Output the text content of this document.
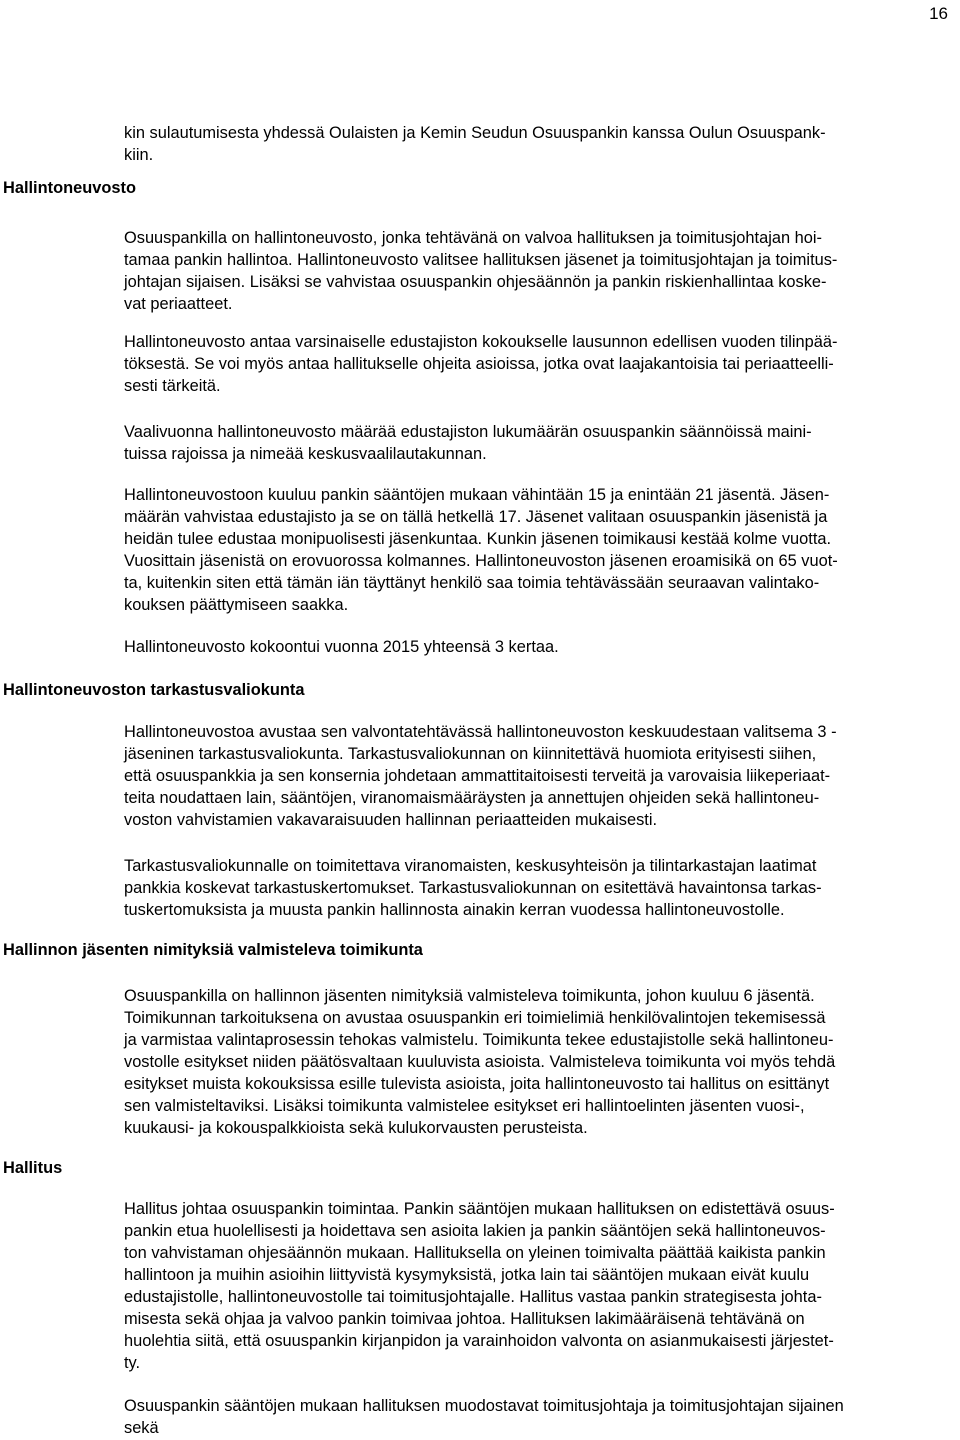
16
Hallintoneuvosto
Hallintoneuvoston tarkastusvaliokunta
Hallinnon jäsenten nimityksiä valmisteleva toimikunta
Hallitus
kin sulautumisesta yhdessä Oulaisten ja Kemin Seudun Osuuspankin kanssa Oulun Osuuspank-
kiin.
Osuuspankilla on hallintoneuvosto, jonka tehtävänä on valvoa hallituksen ja toimitusjohtajan hoi-
tamaa pankin hallintoa. Hallintoneuvosto valitsee hallituksen jäsenet ja toimitusjohtajan ja toimitus-
johtajan sijaisen. Lisäksi se vahvistaa osuuspankin ohjesäännön ja pankin riskienhallintaa koske-
vat periaatteet.
Hallintoneuvosto antaa varsinaiselle edustajiston kokoukselle lausunnon edellisen vuoden tilinpää-
töksestä. Se voi myös antaa hallitukselle ohjeita asioissa, jotka ovat laajakantoisia tai periaatteelli-
sesti tärkeitä.
Vaalivuonna hallintoneuvosto määrää edustajiston lukumäärän osuuspankin säännöissä maini-
tuissa rajoissa ja nimeää keskusvaalilautakunnan.
Hallintoneuvostoon kuuluu pankin sääntöjen mukaan vähintään 15 ja enintään 21 jäsentä. Jäsen-
määrän vahvistaa edustajisto ja se on tällä hetkellä 17. Jäsenet valitaan osuuspankin jäsenistä ja
heidän tulee edustaa monipuolisesti jäsenkuntaa. Kunkin jäsenen toimikausi kestää kolme vuotta.
Vuosittain jäsenistä on erovuorossa kolmannes. Hallintoneuvoston jäsenen eroamisikä on 65 vuot-
ta, kuitenkin siten että tämän iän täyttänyt henkilö saa toimia tehtävässään seuraavan valintako-
kouksen päättymiseen saakka.
Hallintoneuvosto kokoontui vuonna 2015 yhteensä 3 kertaa.
Hallintoneuvostoa avustaa sen valvontatehtävässä hallintoneuvoston keskuudestaan valitsema 3 -
jäseninen tarkastusvaliokunta. Tarkastusvaliokunnan on kiinnitettävä huomiota erityisesti siihen,
että osuuspankkia ja sen konsernia johdetaan ammattitaitoisesti terveitä ja varovaisia liikeperiaat-
teita noudattaen lain, sääntöjen, viranomaismääräysten ja annettujen ohjeiden sekä hallintoneu-
voston vahvistamien vakavaraisuuden hallinnan periaatteiden mukaisesti.
Tarkastusvaliokunnalle on toimitettava viranomaisten, keskusyhteisön ja tilintarkastajan laatimat
pankkia koskevat tarkastuskertomukset. Tarkastusvaliokunnan on esitettävä havaintonsa tarkas-
tuskertomuksista ja muusta pankin hallinnosta ainakin kerran vuodessa hallintoneuvostolle.
Osuuspankilla on hallinnon jäsenten nimityksiä valmisteleva toimikunta, johon kuuluu 6 jäsentä.
Toimikunnan tarkoituksena on avustaa osuuspankin eri toimielimiä henkilövalintojen tekemisessä
ja varmistaa valintaprosessin tehokas valmistelu. Toimikunta tekee edustajistolle sekä hallintoneu-
vostolle esitykset niiden päätösvaltaan kuuluvista asioista. Valmisteleva toimikunta voi myös tehdä
esitykset muista kokouksissa esille tulevista asioista, joita hallintoneuvosto tai hallitus on esittänyt
sen valmisteltaviksi. Lisäksi toimikunta valmistelee esitykset eri hallintoelinten jäsenten vuosi-,
kuukausi- ja kokouspalkkioista sekä kulukorvausten perusteista.
Hallitus johtaa osuuspankin toimintaa. Pankin sääntöjen mukaan hallituksen on edistettävä osuus-
pankin etua huolellisesti ja hoidettava sen asioita lakien ja pankin sääntöjen sekä hallintoneuvos-
ton vahvistaman ohjesäännön mukaan. Hallituksella on yleinen toimivalta päättää kaikista pankin
hallintoon ja muihin asioihin liittyvistä kysymyksistä, jotka lain tai sääntöjen mukaan eivät kuulu
edustajistolle, hallintoneuvostolle tai toimitusjohtajalle. Hallitus vastaa pankin strategisesta johta-
misesta sekä ohjaa ja valvoo pankin toimivaa johtoa. Hallituksen lakimääräisenä tehtävänä on
huolehtia siitä, että osuuspankin kirjanpidon ja varainhoidon valvonta on asianmukaisesti järjestet-
ty.
Osuuspankin sääntöjen mukaan hallituksen muodostavat toimitusjohtaja ja toimitusjohtajan sijainen
sekä
